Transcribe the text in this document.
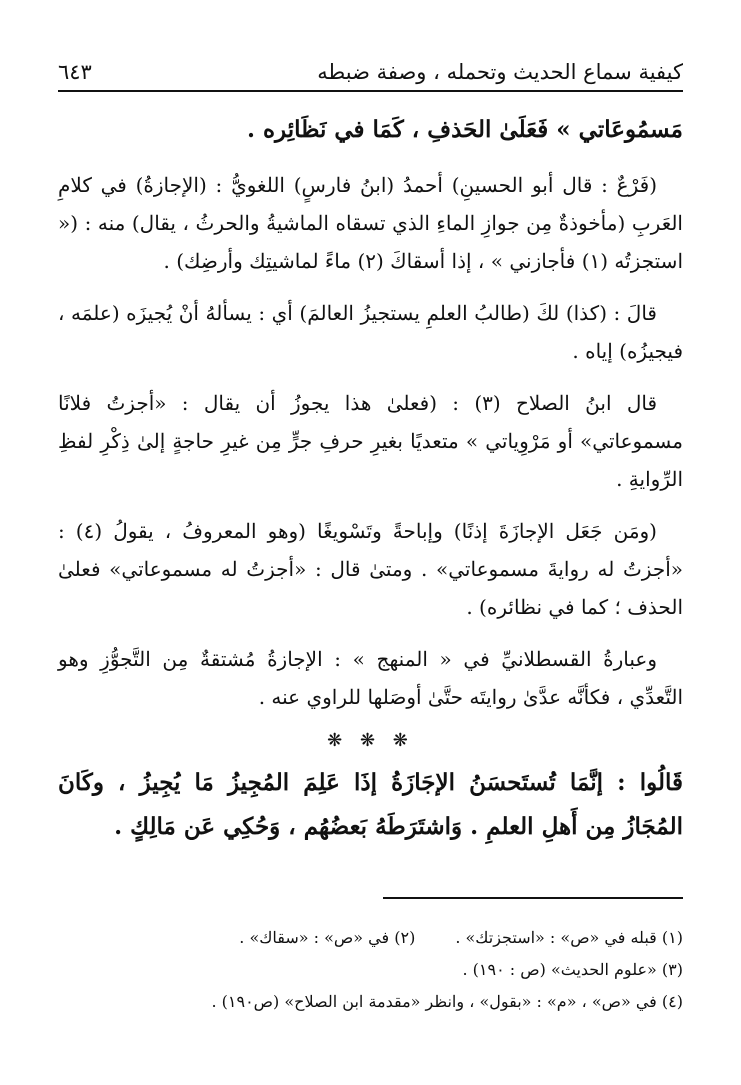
٦٤٣	كيفية سماع الحديث وتحمله ، وصفة ضبطه

مَسمُوعَاتي » فَعَلَىٰ الحَذفِ ، كَمَا في نَظَائِره .

(فَرْعٌ : قال أبو الحسينِ) أحمدُ (ابنُ فارسٍ) اللغويُّ : (الإجازةُ) في كلامِ العَربِ (مأخوذةٌ مِن جوازِ الماءِ الذي تسقاه الماشيةُ والحرثُ ، يقال) منه : (« استجزتُه (١) فأجازني » ، إذا أسقاكَ (٢) ماءً لماشيتِك وأرضِك) .

قالَ : (كذا) لكَ (طالبُ العلمِ يستجيزُ العالمَ) أي : يسألهُ أنْ يُجيزَه (علمَه ، فيجيزُه) إياه .

قال ابنُ الصلاح (٣) : (فعلىٰ هذا يجوزُ أن يقال : «أجزتُ فلانًا مسموعاتي» أو مَرْوِياتي » متعديًا بغيرِ حرفِ جرٍّ مِن غيرِ حاجةٍ إلىٰ ذِكْرِ لفظِ الرِّوايةِ .

(ومَن جَعَل الإجازَةَ إذنًا) وإباحةً وتَسْويغًا (وهو المعروفُ ، يقولُ (٤) : «أجزتُ له روايةَ مسموعاتي» . ومتىٰ قال : «أجزتُ له مسموعاتي» فعلىٰ الحذف ؛ كما في نظائره) .

وعبارةُ القسطلانيِّ في « المنهج » : الإجازةُ مُشتقةٌ مِن التَّجوُّزِ وهو التَّعدِّي ، فكأنَّه عدَّىٰ روايتَه حتَّىٰ أوصَلها للراوي عنه .

❋ ❋ ❋

قَالُوا : إنَّمَا تُستَحسَنُ الإجَازَةُ إذَا عَلِمَ المُجِيزُ مَا يُجِيزُ ، وكَانَ المُجَازُ مِن أَهلِ العلمِ . وَاشتَرَطَهُ بَعضُهُم ، وَحُكِي عَن مَالِكٍ .

(١) قبله في «ص» : «استجزتك» .
(٢) في «ص» : «سقاك» .
(٣) «علوم الحديث» (ص : ١٩٠) .
(٤) في «ص» ، «م» : «بقول» ، وانظر «مقدمة ابن الصلاح» (ص١٩٠) .
